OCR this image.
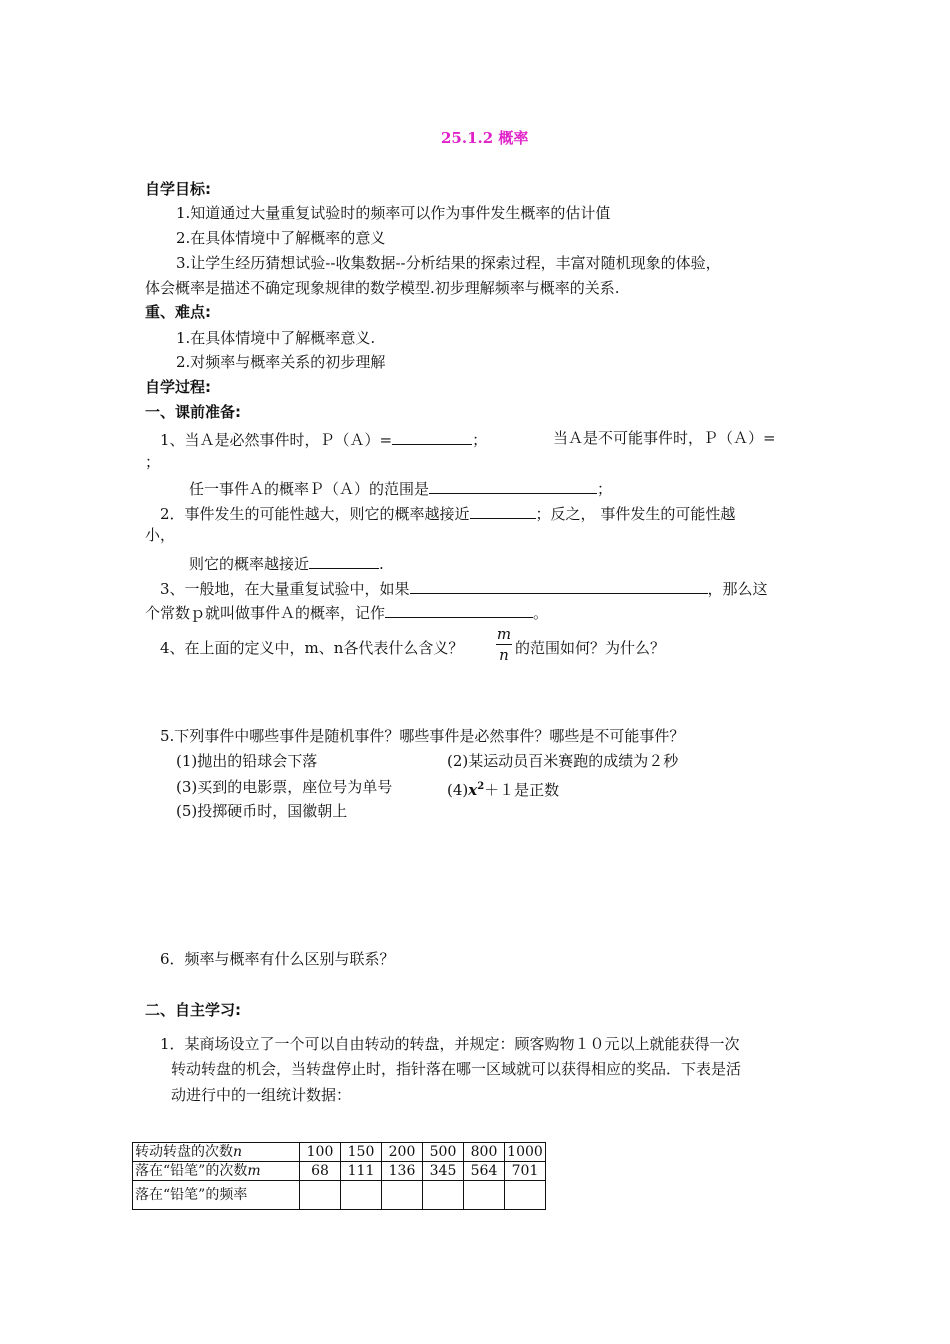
25.1.2 概率
自学目标:
1.知道通过大量重复试验时的频率可以作为事件发生概率的估计值
2.在具体情境中了解概率的意义
3.让学生经历猜想试验--收集数据--分析结果的探索过程，丰富对随机现象的体验，
体会概率是描述不确定现象规律的数学模型.初步理解频率与概率的关系.
重、难点:
1.在具体情境中了解概率意义.
2.对频率与概率关系的初步理解
自学过程:
一、课前准备:
1、当Ａ是必然事件时，Ｐ（Ａ）=	；	当Ａ是不可能事件时，Ｐ（Ａ）=
；
任一事件Ａ的概率Ｐ（Ａ）的范围是	；
2．事件发生的可能性越大，则它的概率越接近	；反之， 事件发生的可能性越
小，
则它的概率越接近	.
3、一般地，在大量重复试验中，如果	，那么这
个常数ｐ就叫做事件Ａ的概率，记作	。
4、在上面的定义中，m、n各代表什么含义？
m
n 的范围如何？为什么？
5.下列事件中哪些事件是随机事件？哪些事件是必然事件？哪些是不可能事件？
(1)抛出的铅球会下落	(2)某运动员百米赛跑的成绩为２秒
(3)买到的电影票，座位号为单号	$(4)x^2+1$是正数
(5)投掷硬币时，国徽朝上
6．频率与概率有什么区别与联系？
二、自主学习:
1．某商场设立了一个可以自由转动的转盘，并规定：顾客购物１０元以上就能获得一次
转动转盘的机会，当转盘停止时，指针落在哪一区域就可以获得相应的奖品．下表是活
动进行中的一组统计数据：
转动转盘的次数n	100	150	200	500	800	1000
落在“铅笔”的次数m	68	111	136	345	564	701
落在“铅笔”的频率						
